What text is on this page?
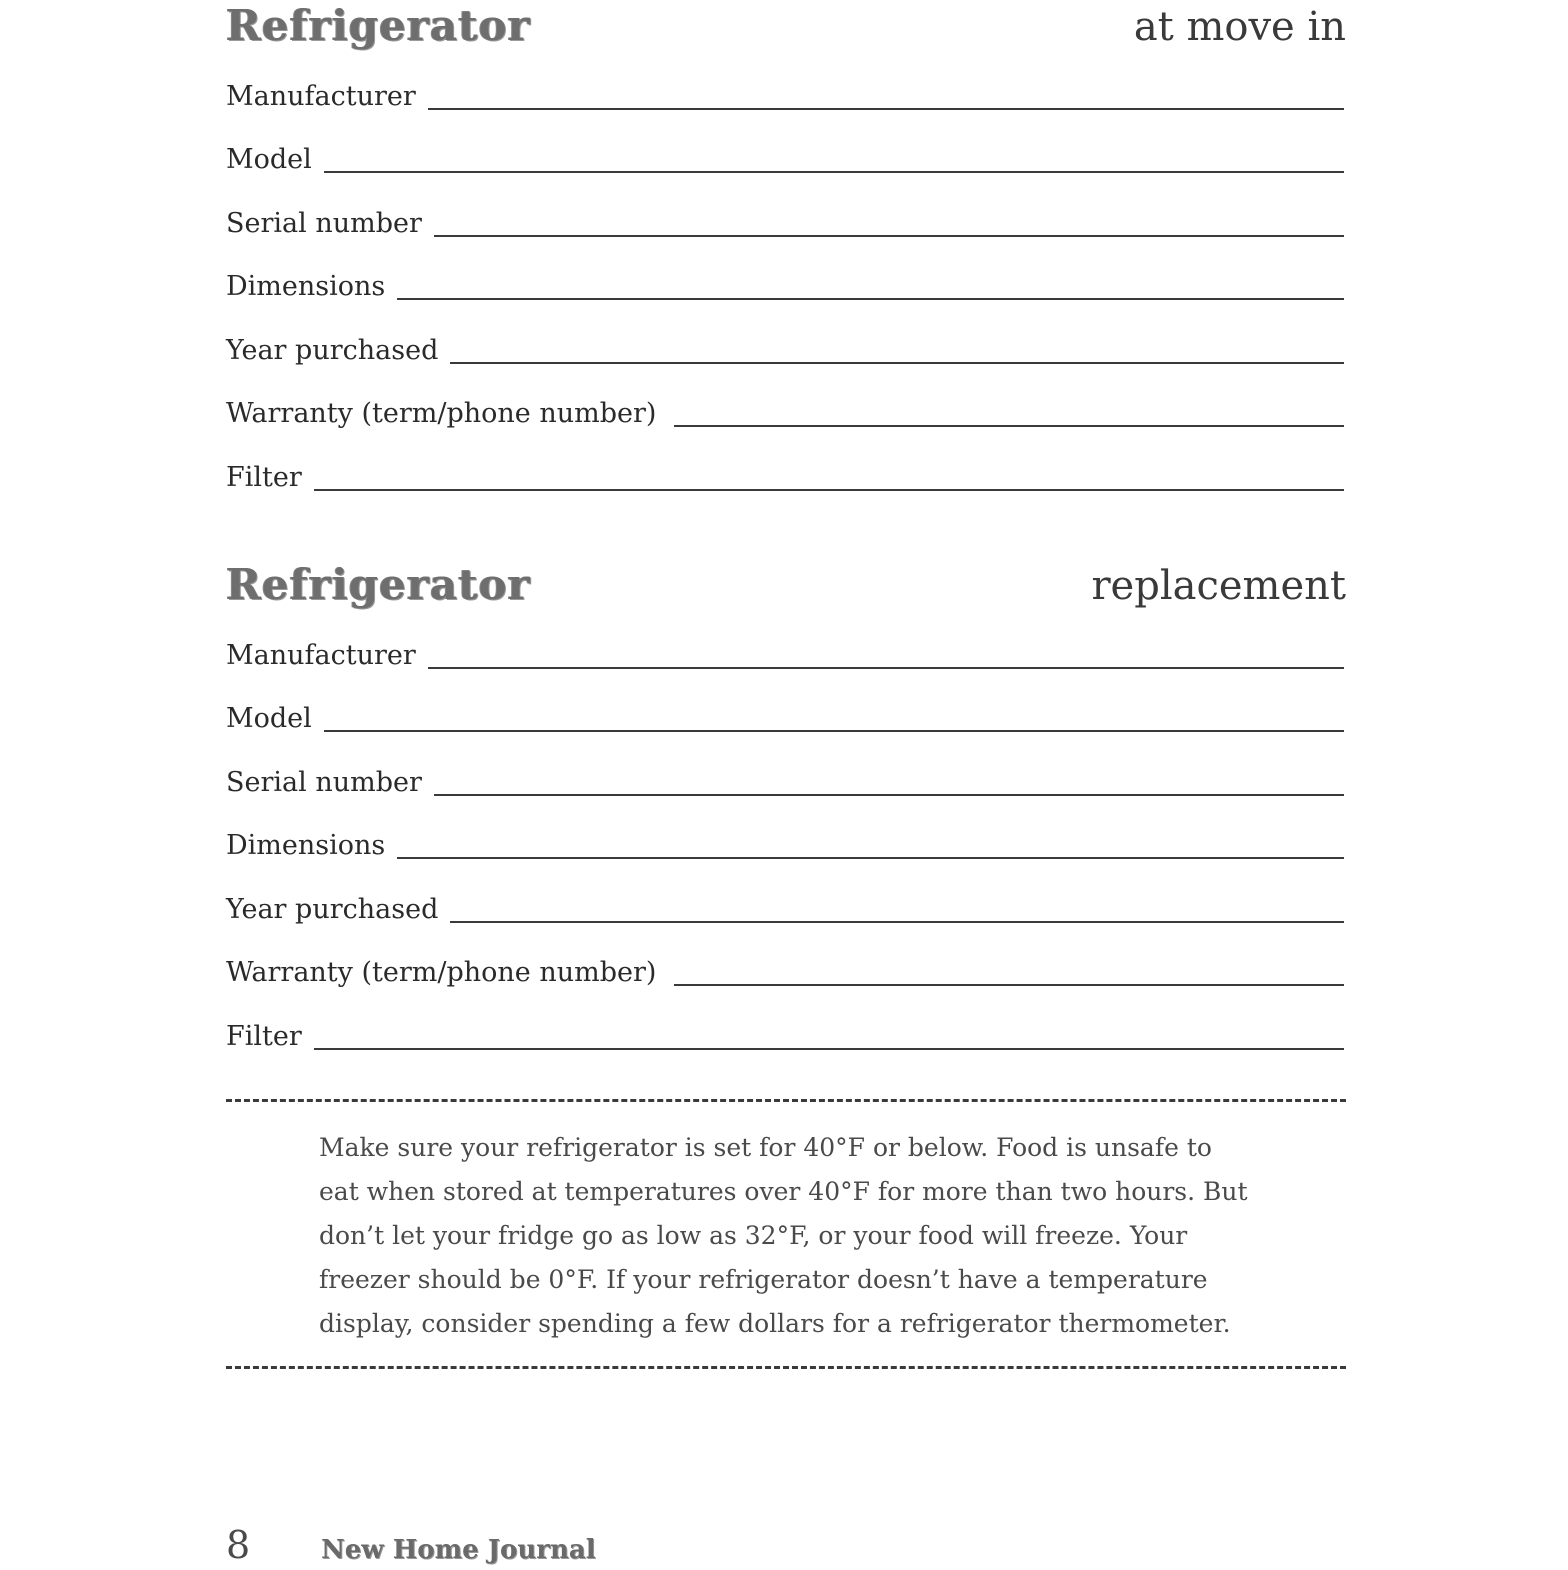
Refrigerator	at move in
Manufacturer
Model
Serial number
Dimensions
Year purchased
Warranty (term/phone number)
Filter
Refrigerator	replacement
Manufacturer
Model
Serial number
Dimensions
Year purchased
Warranty (term/phone number)
Filter
Make sure your refrigerator is set for 40°F or below. Food is unsafe to eat when stored at temperatures over 40°F for more than two hours. But don’t let your fridge go as low as 32°F, or your food will freeze. Your freezer should be 0°F. If your refrigerator doesn’t have a temperature display, consider spending a few dollars for a refrigerator thermometer.
8	New Home Journal
